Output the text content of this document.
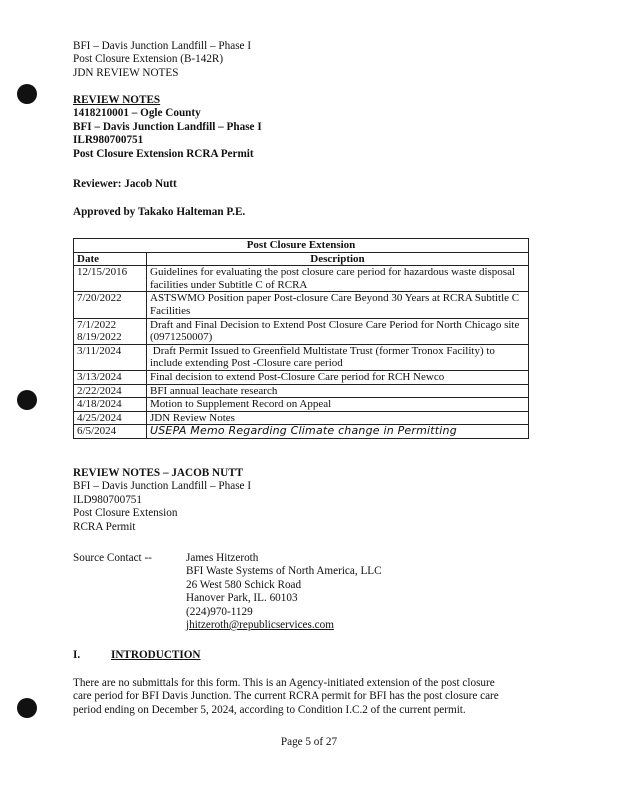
BFI – Davis Junction Landfill – Phase I
Post Closure Extension (B-142R)
JDN REVIEW NOTES
REVIEW NOTES
1418210001 – Ogle County
BFI – Davis Junction Landfill – Phase I
ILR980700751
Post Closure Extension RCRA Permit
Reviewer: Jacob Nutt
Approved by Takako Halteman P.E.
Post Closure Extension	
Date	Description
12/15/2016	Guidelines for evaluating the post closure care period for hazardous waste disposal facilities under Subtitle C of RCRA
7/20/2022	ASTSWMO Position paper Post-closure Care Beyond 30 Years at RCRA Subtitle C Facilities
7/1/2022
8/19/2022	Draft and Final Decision to Extend Post Closure Care Period for North Chicago site (0971250007)
3/11/2024	Draft Permit Issued to Greenfield Multistate Trust (former Tronox Facility) to include extending Post -Closure care period
3/13/2024	Final decision to extend Post-Closure Care period for RCH Newco
2/22/2024	BFI annual leachate research
4/18/2024	Motion to Supplement Record on Appeal
4/25/2024	JDN Review Notes
6/5/2024	USEPA Memo Regarding Climate change in Permitting
REVIEW NOTES – JACOB NUTT
BFI – Davis Junction Landfill – Phase I
ILD980700751
Post Closure Extension
RCRA Permit
Source Contact --	James Hitzeroth
BFI Waste Systems of North America, LLC
26 West 580 Schick Road
Hanover Park, IL. 60103
(224)970-1129
jhitzeroth@republicservices.com
I.	INTRODUCTION
There are no submittals for this form. This is an Agency-initiated extension of the post closure
care period for BFI Davis Junction. The current RCRA permit for BFI has the post closure care
period ending on December 5, 2024, according to Condition I.C.2 of the current permit.
Page 5 of 27
